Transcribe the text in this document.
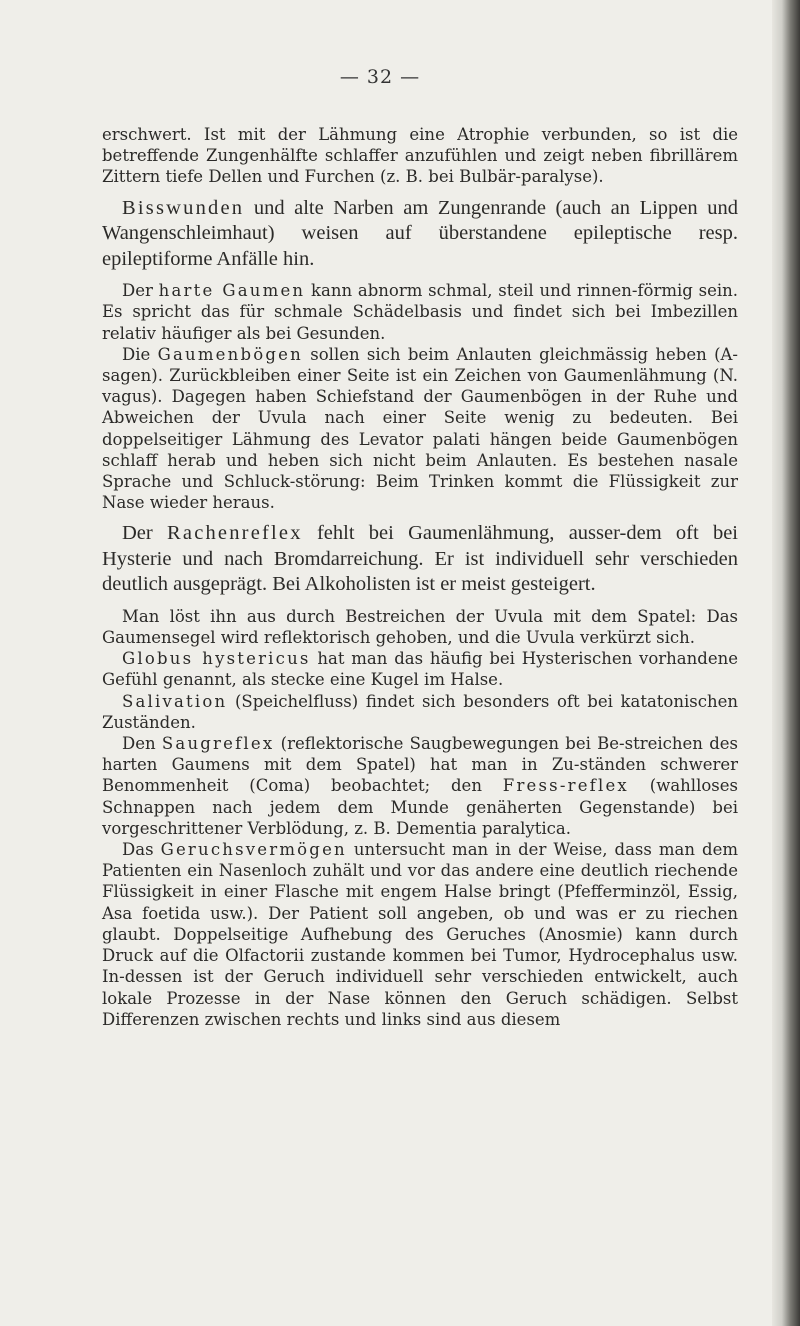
— 32 —

erschwert. Ist mit der Lähmung eine Atrophie verbunden, so ist die betreffende Zungenhälfte schlaffer anzufühlen und zeigt neben fibrillärem Zittern tiefe Dellen und Furchen (z. B. bei Bulbär-paralyse).

Bisswunden und alte Narben am Zungenrande (auch an Lippen und Wangenschleimhaut) weisen auf überstandene epileptische resp. epileptiforme Anfälle hin.

Der harte Gaumen kann abnorm schmal, steil und rinnen-förmig sein. Es spricht das für schmale Schädelbasis und findet sich bei Imbezillen relativ häufiger als bei Gesunden.

Die Gaumenbögen sollen sich beim Anlauten gleichmässig heben (A-sagen). Zurückbleiben einer Seite ist ein Zeichen von Gaumenlähmung (N. vagus). Dagegen haben Schiefstand der Gaumenbögen in der Ruhe und Abweichen der Uvula nach einer Seite wenig zu bedeuten. Bei doppelseitiger Lähmung des Levator palati hängen beide Gaumenbögen schlaff herab und heben sich nicht beim Anlauten. Es bestehen nasale Sprache und Schluck-störung: Beim Trinken kommt die Flüssigkeit zur Nase wieder heraus.

Der Rachenreflex fehlt bei Gaumenlähmung, ausser-dem oft bei Hysterie und nach Bromdarreichung. Er ist individuell sehr verschieden deutlich ausgeprägt. Bei Alkoholisten ist er meist gesteigert.

Man löst ihn aus durch Bestreichen der Uvula mit dem Spatel: Das Gaumensegel wird reflektorisch gehoben, und die Uvula verkürzt sich.

Globus hystericus hat man das häufig bei Hysterischen vorhandene Gefühl genannt, als stecke eine Kugel im Halse.

Salivation (Speichelfluss) findet sich besonders oft bei katatonischen Zuständen.

Den Saugreflex (reflektorische Saugbewegungen bei Be-streichen des harten Gaumens mit dem Spatel) hat man in Zu-ständen schwerer Benommenheit (Coma) beobachtet; den Fress-reflex (wahlloses Schnappen nach jedem dem Munde genäherten Gegenstande) bei vorgeschrittener Verblödung, z. B. Dementia paralytica.

Das Geruchsvermögen untersucht man in der Weise, dass man dem Patienten ein Nasenloch zuhält und vor das andere eine deutlich riechende Flüssigkeit in einer Flasche mit engem Halse bringt (Pfefferminzöl, Essig, Asa foetida usw.). Der Patient soll angeben, ob und was er zu riechen glaubt. Doppelseitige Aufhebung des Geruches (Anosmie) kann durch Druck auf die Olfactorii zustande kommen bei Tumor, Hydrocephalus usw. In-dessen ist der Geruch individuell sehr verschieden entwickelt, auch lokale Prozesse in der Nase können den Geruch schädigen. Selbst Differenzen zwischen rechts und links sind aus diesem
